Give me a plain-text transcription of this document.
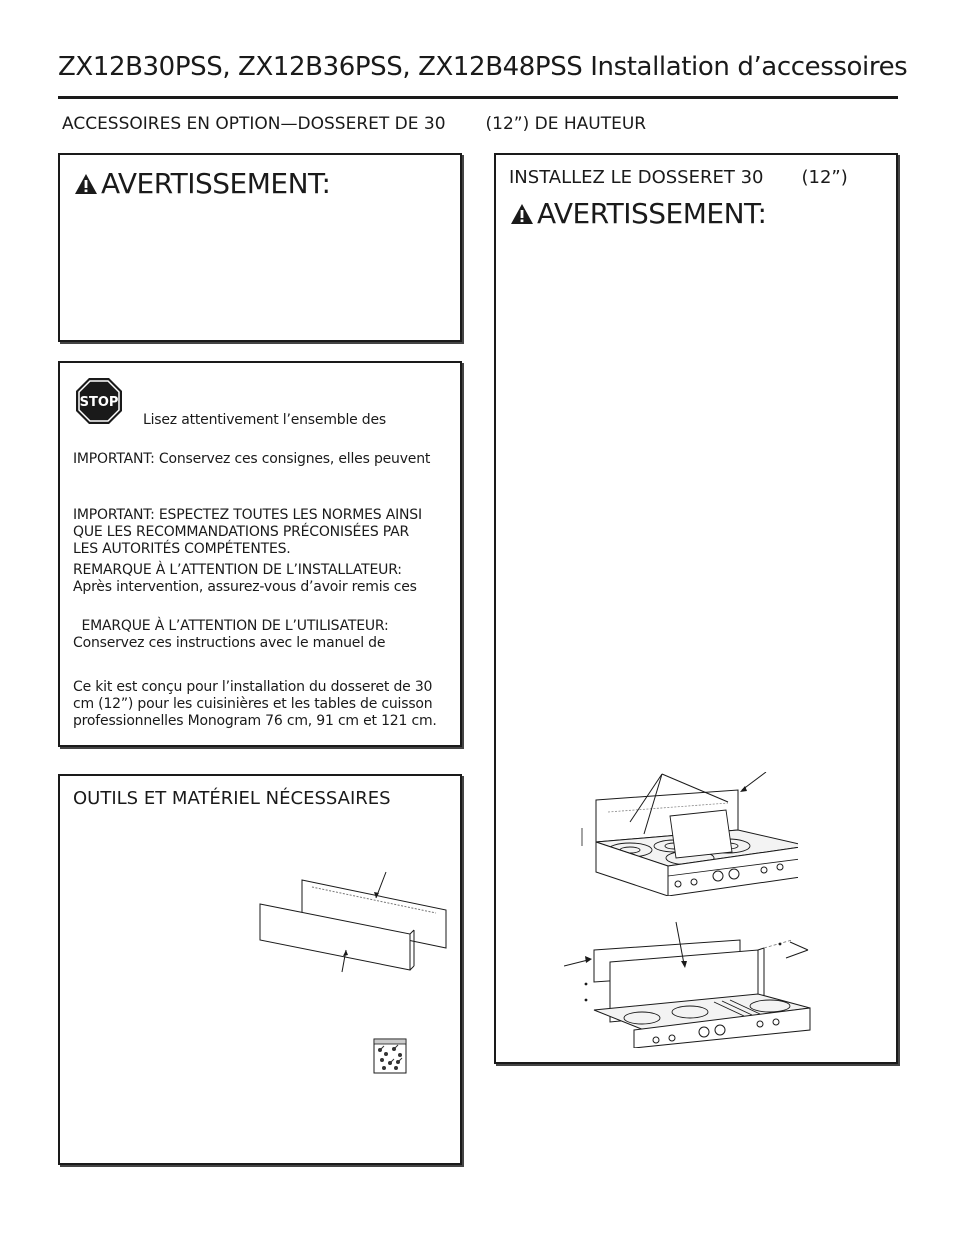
ZX12B30PSS, ZX12B36PSS, ZX12B48PSS Installation d’accessoires
ACCESSOIRES EN OPTION—DOSSERET DE 30 (12”) DE HAUTEUR
AVERTISSEMENT:
STOP
Lisez attentivement l’ensemble des
IMPORTANT: Conservez ces consignes, elles peuvent
IMPORTANT: ESPECTEZ TOUTES LES NORMES AINSI
QUE LES RECOMMANDATIONS PRÉCONISÉES PAR
LES AUTORITÉS COMPÉTENTES.
REMARQUE À L’ATTENTION DE L’INSTALLATEUR:
Après intervention, assurez-vous d’avoir remis ces
EMARQUE À L’ATTENTION DE L’UTILISATEUR:
Conservez ces instructions avec le manuel de
Ce kit est conçu pour l’installation du dosseret de 30
cm (12”) pour les cuisinières et les tables de cuisson
professionnelles Monogram 76 cm, 91 cm et 121 cm.
OUTILS ET MATÉRIEL NÉCESSAIRES
INSTALLEZ LE DOSSERET 30 (12”)
AVERTISSEMENT:
